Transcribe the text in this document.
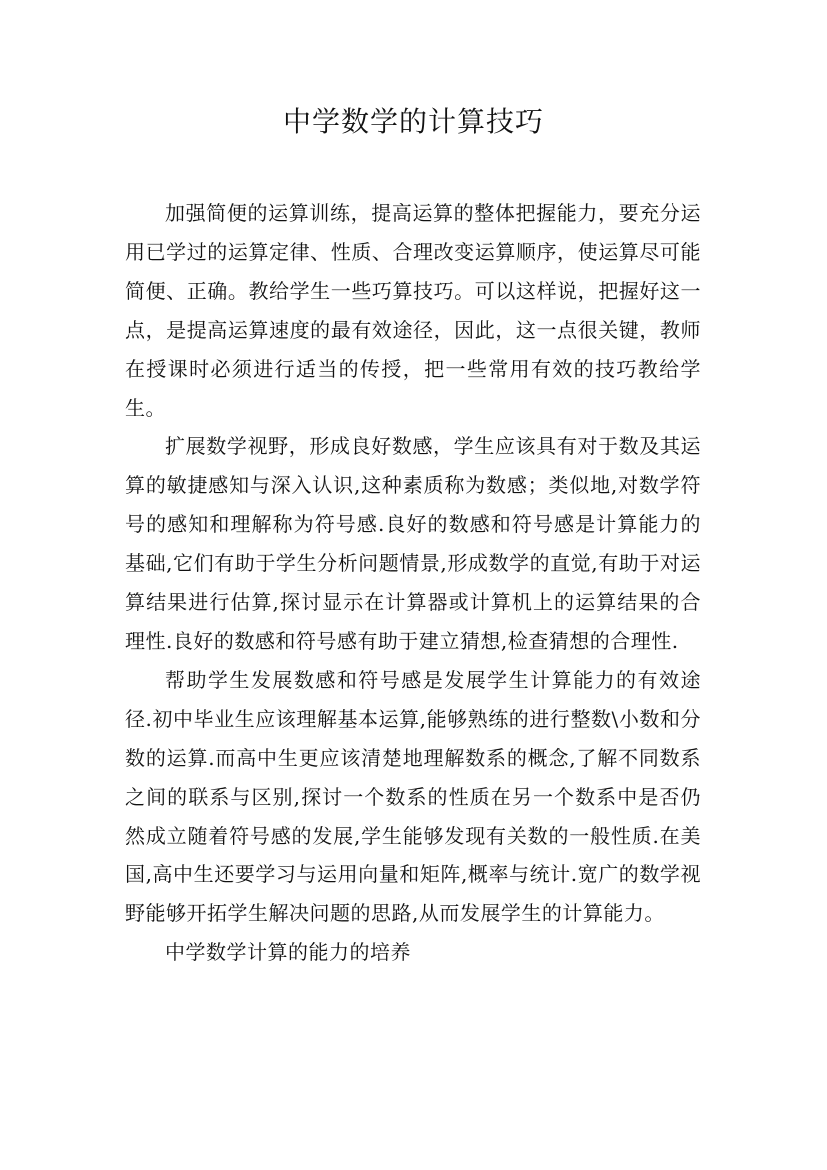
中学数学的计算技巧

加强简便的运算训练，提高运算的整体把握能力，要充分运用已学过的运算定律、性质、合理改变运算顺序，使运算尽可能简便、正确。教给学生一些巧算技巧。可以这样说，把握好这一点，是提高运算速度的最有效途径，因此，这一点很关键，教师在授课时必须进行适当的传授，把一些常用有效的技巧教给学生。

扩展数学视野，形成良好数感，学生应该具有对于数及其运算的敏捷感知与深入认识,这种素质称为数感；类似地,对数学符号的感知和理解称为符号感.良好的数感和符号感是计算能力的基础,它们有助于学生分析问题情景,形成数学的直觉,有助于对运算结果进行估算,探讨显示在计算器或计算机上的运算结果的合理性.良好的数感和符号感有助于建立猜想,检查猜想的合理性.

帮助学生发展数感和符号感是发展学生计算能力的有效途径.初中毕业生应该理解基本运算,能够熟练的进行整数\小数和分数的运算.而高中生更应该清楚地理解数系的概念,了解不同数系之间的联系与区别,探讨一个数系的性质在另一个数系中是否仍然成立随着符号感的发展,学生能够发现有关数的一般性质.在美国,高中生还要学习与运用向量和矩阵,概率与统计.宽广的数学视野能够开拓学生解决问题的思路,从而发展学生的计算能力。

中学数学计算的能力的培养
